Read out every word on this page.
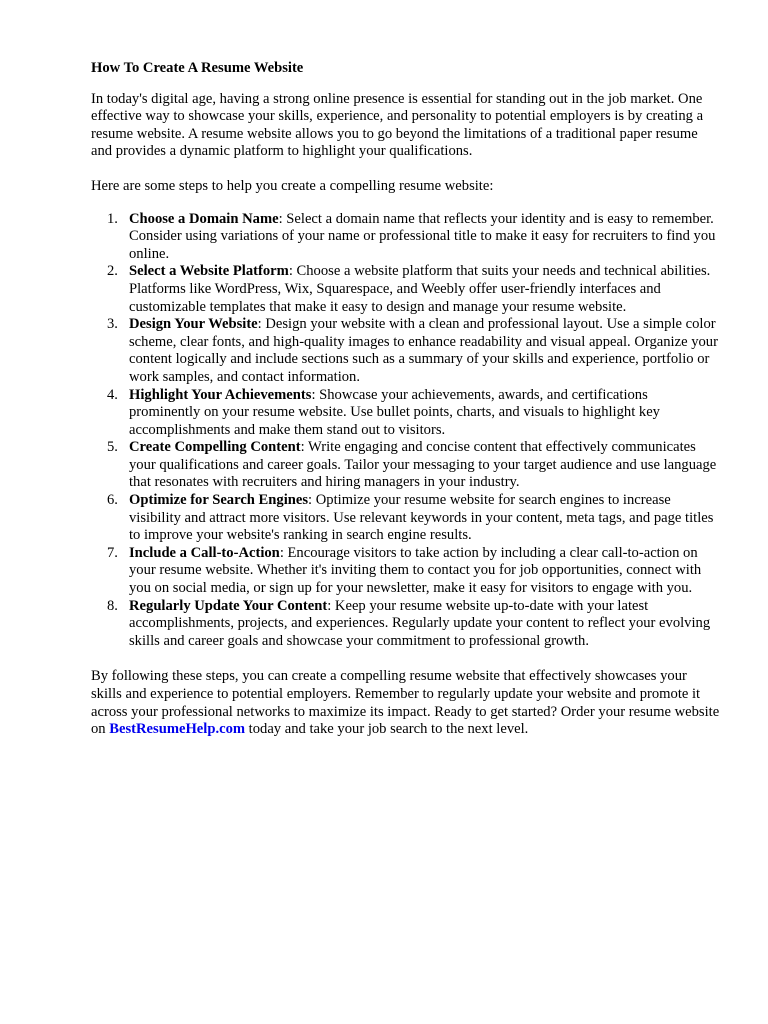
How To Create A Resume Website

In today's digital age, having a strong online presence is essential for standing out in the job market. One effective way to showcase your skills, experience, and personality to potential employers is by creating a resume website. A resume website allows you to go beyond the limitations of a traditional paper resume and provides a dynamic platform to highlight your qualifications.

Here are some steps to help you create a compelling resume website:

1. Choose a Domain Name: Select a domain name that reflects your identity and is easy to remember. Consider using variations of your name or professional title to make it easy for recruiters to find you online.
2. Select a Website Platform: Choose a website platform that suits your needs and technical abilities. Platforms like WordPress, Wix, Squarespace, and Weebly offer user-friendly interfaces and customizable templates that make it easy to design and manage your resume website.
3. Design Your Website: Design your website with a clean and professional layout. Use a simple color scheme, clear fonts, and high-quality images to enhance readability and visual appeal. Organize your content logically and include sections such as a summary of your skills and experience, portfolio or work samples, and contact information.
4. Highlight Your Achievements: Showcase your achievements, awards, and certifications prominently on your resume website. Use bullet points, charts, and visuals to highlight key accomplishments and make them stand out to visitors.
5. Create Compelling Content: Write engaging and concise content that effectively communicates your qualifications and career goals. Tailor your messaging to your target audience and use language that resonates with recruiters and hiring managers in your industry.
6. Optimize for Search Engines: Optimize your resume website for search engines to increase visibility and attract more visitors. Use relevant keywords in your content, meta tags, and page titles to improve your website's ranking in search engine results.
7. Include a Call-to-Action: Encourage visitors to take action by including a clear call-to-action on your resume website. Whether it's inviting them to contact you for job opportunities, connect with you on social media, or sign up for your newsletter, make it easy for visitors to engage with you.
8. Regularly Update Your Content: Keep your resume website up-to-date with your latest accomplishments, projects, and experiences. Regularly update your content to reflect your evolving skills and career goals and showcase your commitment to professional growth.

By following these steps, you can create a compelling resume website that effectively showcases your skills and experience to potential employers. Remember to regularly update your website and promote it across your professional networks to maximize its impact. Ready to get started? Order your resume website on BestResumeHelp.com today and take your job search to the next level.
